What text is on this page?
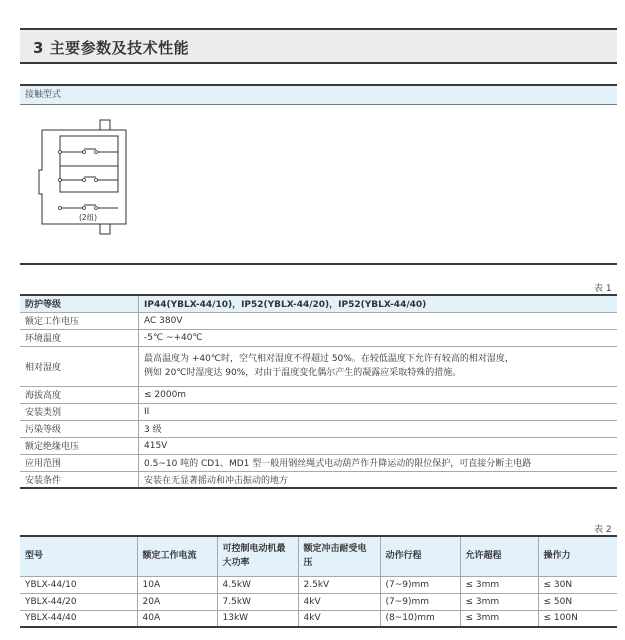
3 主要参数及技术性能
接触型式
(2组)
表 1
防护等级	IP44(YBLX-44/10)，IP52(YBLX-44/20)，IP52(YBLX-44/40)
额定工作电压	AC 380V
环境温度	-5℃ ~+40℃
相对湿度	最高温度为 +40℃时，空气相对湿度不得超过 50%。在较低温度下允许有较高的相对湿度，
例如 20℃时湿度达 90%，对由于温度变化偶尔产生的凝露应采取特殊的措施。

海拔高度	≤ 2000m
安装类别	II
污染等级	3 级
额定绝缘电压	415V
应用范围	0.5~10 吨的 CD1、MD1 型一般用钢丝绳式电动葫芦作升降运动的限位保护，可直接分断主电路
安装条件	安装在无显著摇动和冲击振动的地方
表 2
型号	额定工作电流	可控制电动机最大功率	额定冲击耐受电压	动作行程	允许超程	操作力
YBLX-44/10	10A	4.5kW	2.5kV	(7~9)mm	≤ 3mm	≤ 30N
YBLX-44/20	20A	7.5kW	4kV	(7~9)mm	≤ 3mm	≤ 50N
YBLX-44/40	40A	13kW	4kV	(8~10)mm	≤ 3mm	≤ 100N
